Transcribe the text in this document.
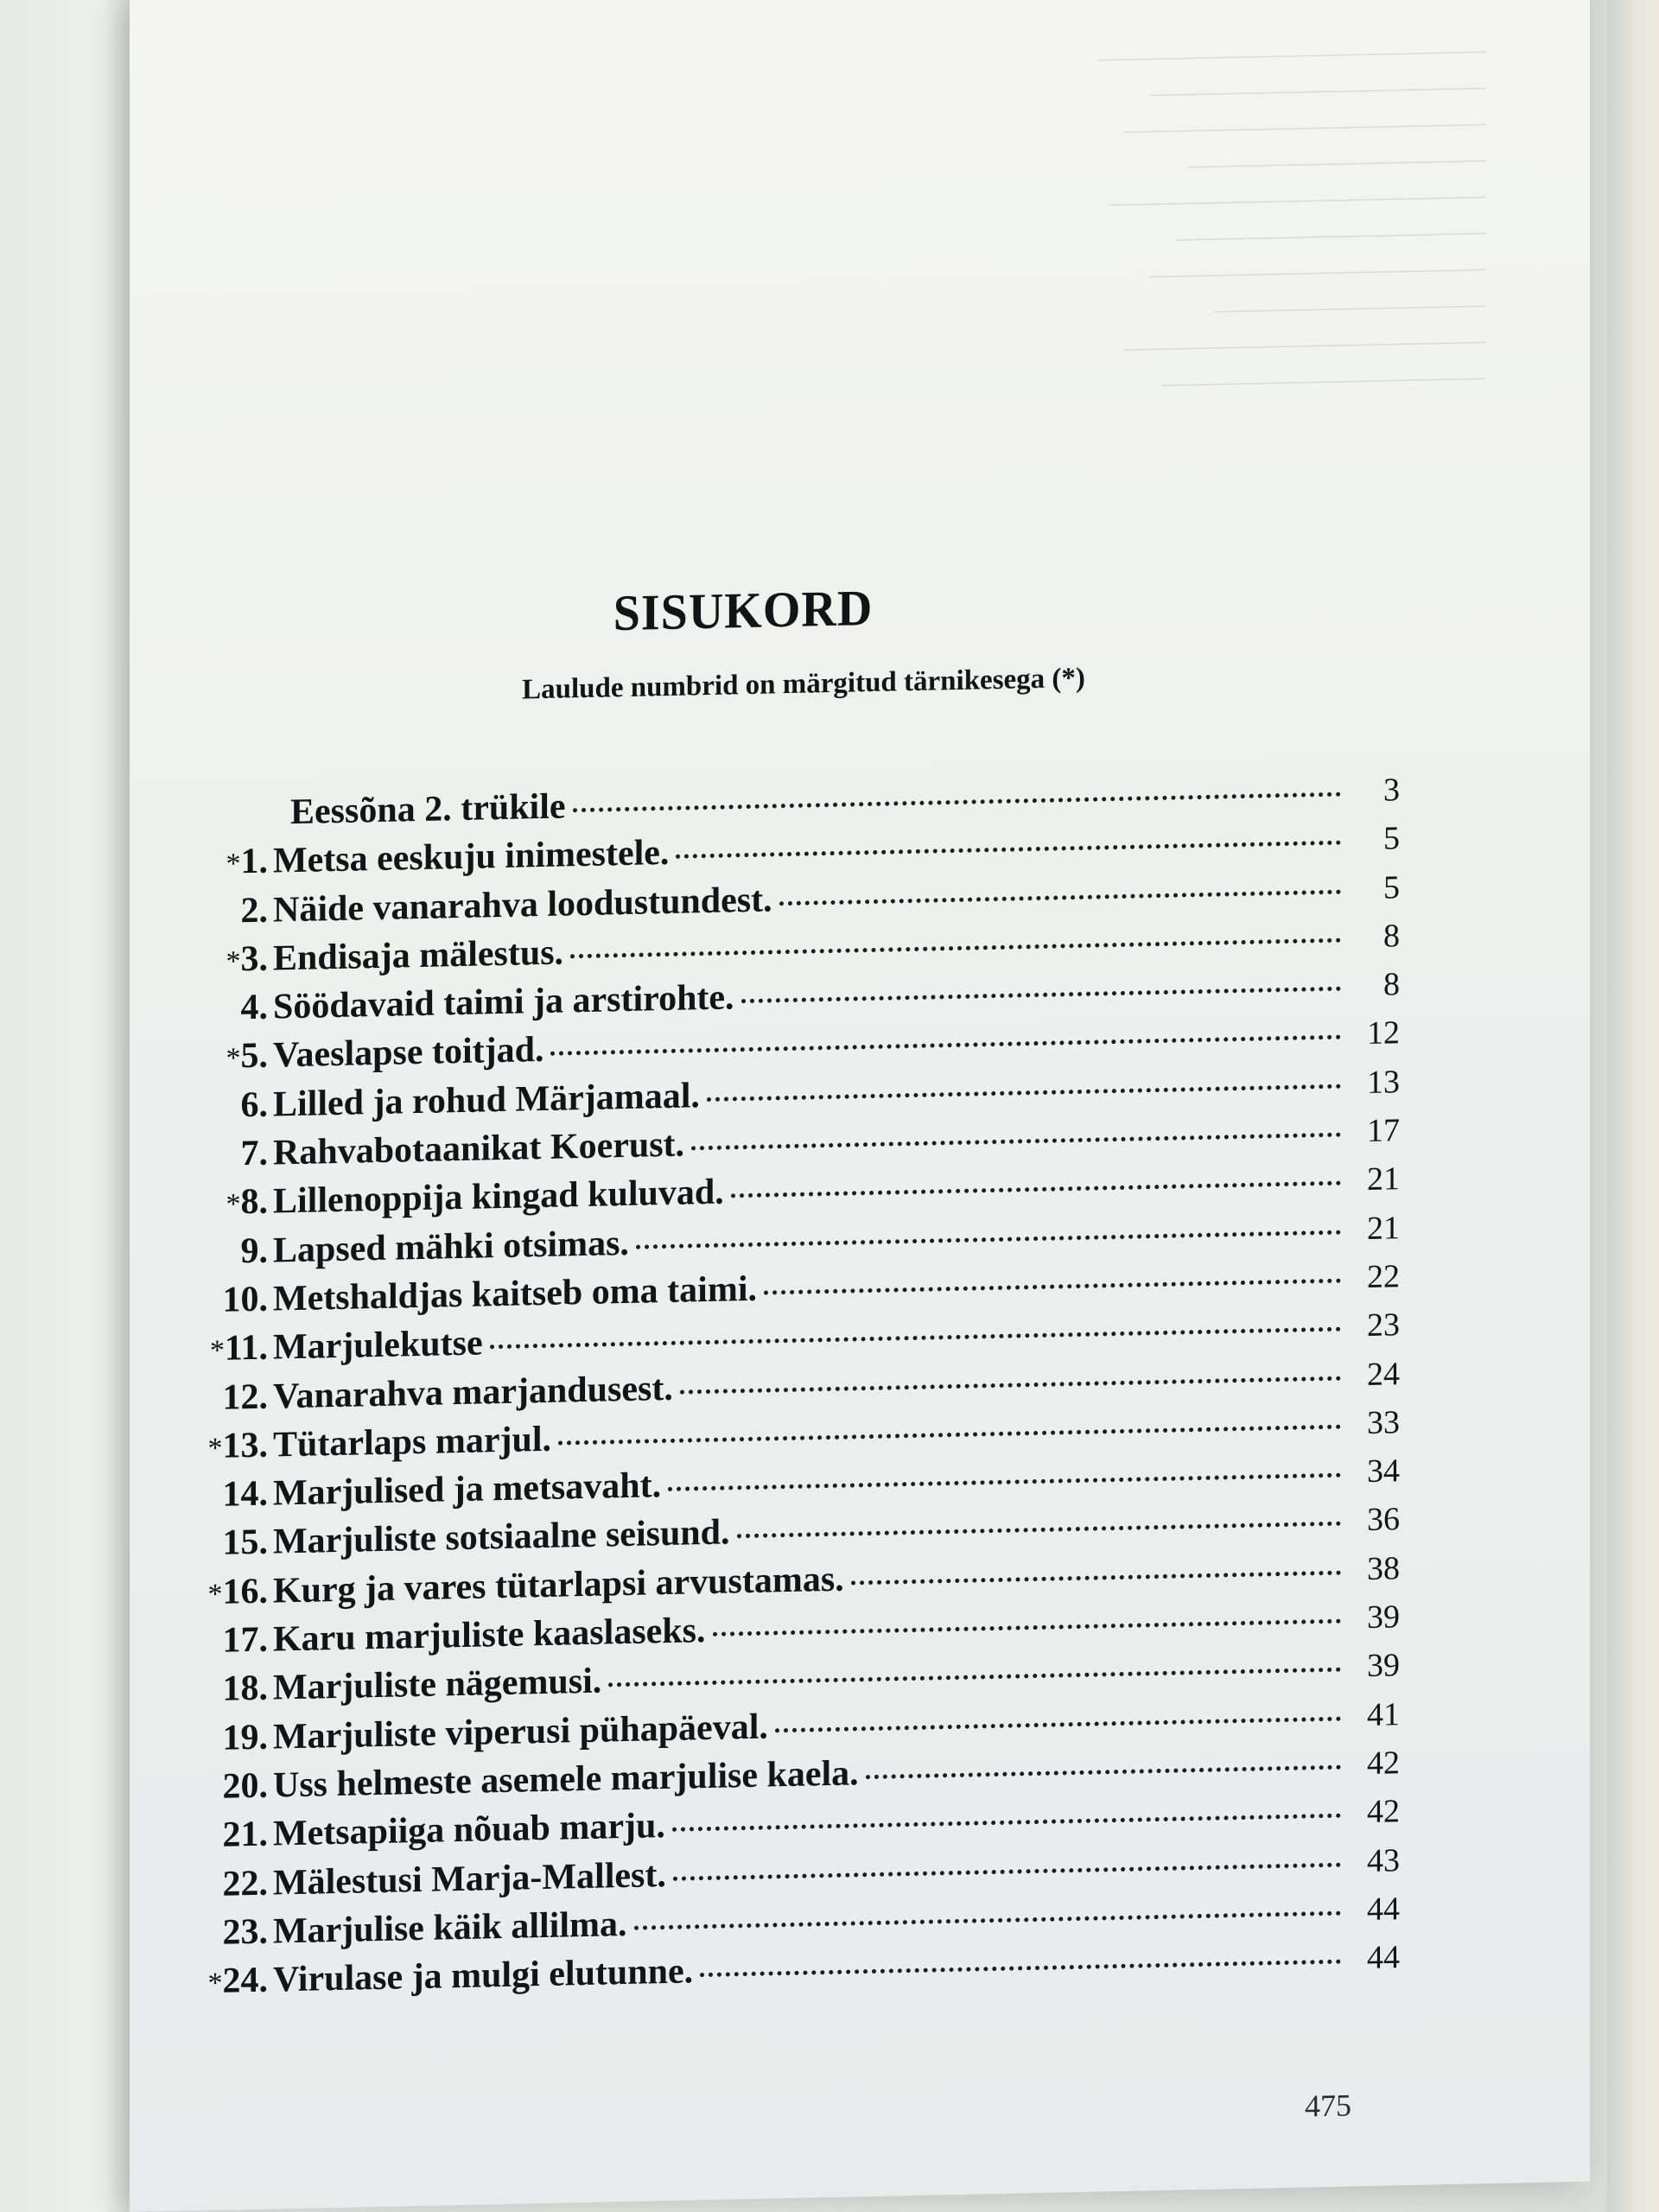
______________________________
__________________________
____________________________
_______________________
_____________________________
________________________
__________________________
_____________________
____________________________
_________________________
SISUKORD
Laulude numbrid on märgitud tärnikesega (*)
Eessõna 2. trükile	3
*1. Metsa eeskuju inimestele.	5
2. Näide vanarahva loodustundest.	5
*3. Endisaja mälestus.	8
4. Söödavaid taimi ja arstirohte.	8
*5. Vaeslapse toitjad.	12
6. Lilled ja rohud Märjamaal.	13
7. Rahvabotaanikat Koerust.	17
*8. Lillenoppija kingad kuluvad.	21
9. Lapsed mähki otsimas.	21
10. Metshaldjas kaitseb oma taimi.	22
*11. Marjulekutse	23
12. Vanarahva marjandusest.	24
*13. Tütarlaps marjul.	33
14. Marjulised ja metsavaht.	34
15. Marjuliste sotsiaalne seisund.	36
*16. Kurg ja vares tütarlapsi arvustamas.	38
17. Karu marjuliste kaaslaseks.	39
18. Marjuliste nägemusi.	39
19. Marjuliste viperusi pühapäeval.	41
20. Uss helmeste asemele marjulise kaela.	42
21. Metsapiiga nõuab marju.	42
22. Mälestusi Marja-Mallest.	43
23. Marjulise käik allilma.	44
*24. Virulase ja mulgi elutunne.	44
475
